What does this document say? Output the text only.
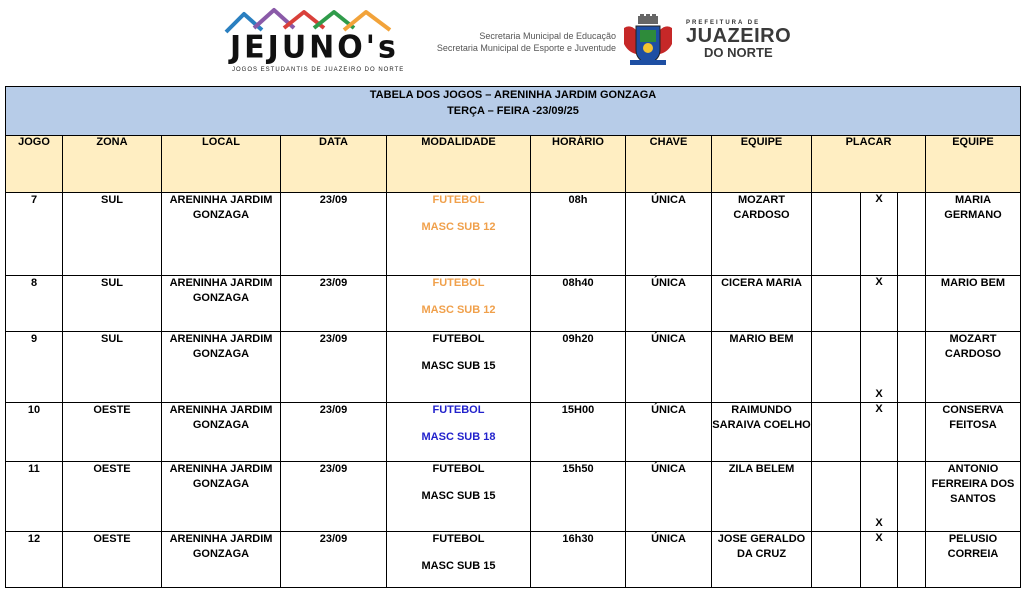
JEJUNO's
JOGOS ESTUDANTIS DE JUAZEIRO DO NORTE
Secretaria Municipal de Educação
Secretaria Municipal de Esporte e Juventude
PREFEITURA DE
JUAZEIRO
DO NORTE
TABELA DOS JOGOS – ARENINHA JARDIM GONZAGA
TERÇA – FEIRA -23/09/25											

JOGO	ZONA	LOCAL	DATA	MODALIDADE	HORÁRIO	CHAVE	EQUIPE	PLACAR			EQUIPE
7	SUL	ARENINHA JARDIM GONZAGA	23/09	FUTEBOL
MASC SUB 12	08h	ÚNICA	MOZART CARDOSO		X		MARIA GERMANO
8	SUL	ARENINHA JARDIM GONZAGA	23/09	FUTEBOL
MASC SUB 12	08h40	ÚNICA	CICERA MARIA		X		MARIO BEM
9	SUL	ARENINHA JARDIM GONZAGA	23/09	FUTEBOL
MASC SUB 15	09h20	ÚNICA	MARIO BEM		X		MOZART CARDOSO
10	OESTE	ARENINHA JARDIM GONZAGA	23/09	FUTEBOL
MASC SUB 18	15H00	ÚNICA	RAIMUNDO SARAIVA COELHO		X		CONSERVA FEITOSA
11	OESTE	ARENINHA JARDIM GONZAGA	23/09	FUTEBOL
MASC SUB 15	15h50	ÚNICA	ZILA BELEM		X		ANTONIO FERREIRA DOS SANTOS
12	OESTE	ARENINHA JARDIM GONZAGA	23/09	FUTEBOL
MASC SUB 15	16h30	ÚNICA	JOSE GERALDO DA CRUZ		X		PELUSIO CORREIA
